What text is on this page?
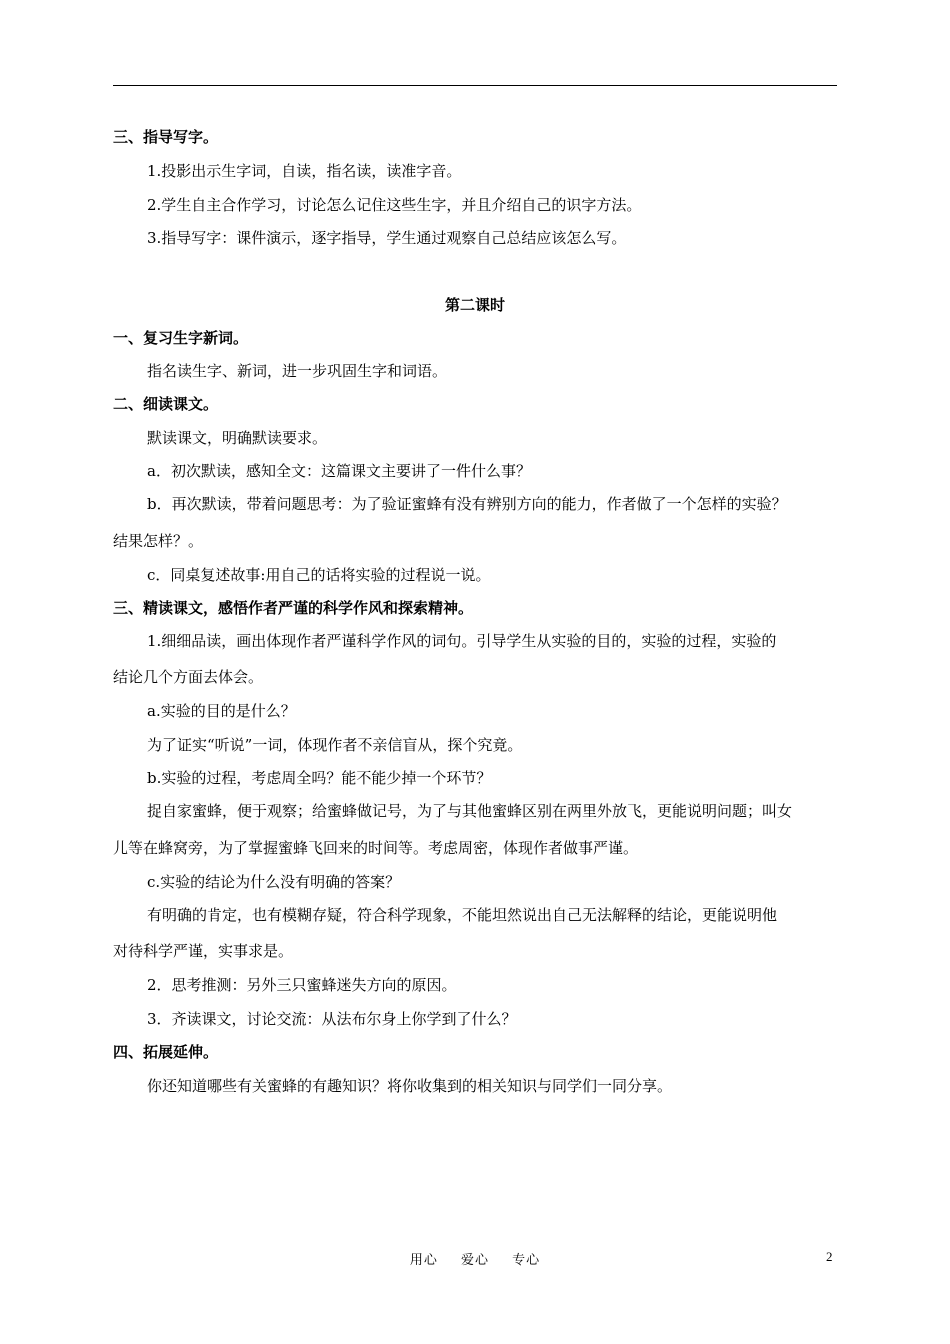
三、指导写字。
1.投影出示生字词，自读，指名读，读准字音。
2.学生自主合作学习，讨论怎么记住这些生字，并且介绍自己的识字方法。
3.指导写字：课件演示，逐字指导，学生通过观察自己总结应该怎么写。
第二课时
一、复习生字新词。
指名读生字、新词，进一步巩固生字和词语。
二、细读课文。
默读课文，明确默读要求。
a．初次默读，感知全文：这篇课文主要讲了一件什么事？
b．再次默读，带着问题思考：为了验证蜜蜂有没有辨别方向的能力，作者做了一个怎样的实验？
结果怎样？。
c．同桌复述故事:用自己的话将实验的过程说一说。
三、精读课文，感悟作者严谨的科学作风和探索精神。
1.细细品读，画出体现作者严谨科学作风的词句。引导学生从实验的目的，实验的过程，实验的
结论几个方面去体会。
a.实验的目的是什么？
为了证实“听说”一词，体现作者不亲信盲从，探个究竟。
b.实验的过程，考虑周全吗？能不能少掉一个环节？
捉自家蜜蜂，便于观察；给蜜蜂做记号，为了与其他蜜蜂区别在两里外放飞，更能说明问题；叫女
儿等在蜂窝旁，为了掌握蜜蜂飞回来的时间等。考虑周密，体现作者做事严谨。
c.实验的结论为什么没有明确的答案？
有明确的肯定，也有模糊存疑，符合科学现象，不能坦然说出自己无法解释的结论，更能说明他
对待科学严谨，实事求是。
2．思考推测：另外三只蜜蜂迷失方向的原因。
3．齐读课文，讨论交流：从法布尔身上你学到了什么？
四、拓展延伸。
你还知道哪些有关蜜蜂的有趣知识？将你收集到的相关知识与同学们一同分享。
用心 爱心 专心	2
